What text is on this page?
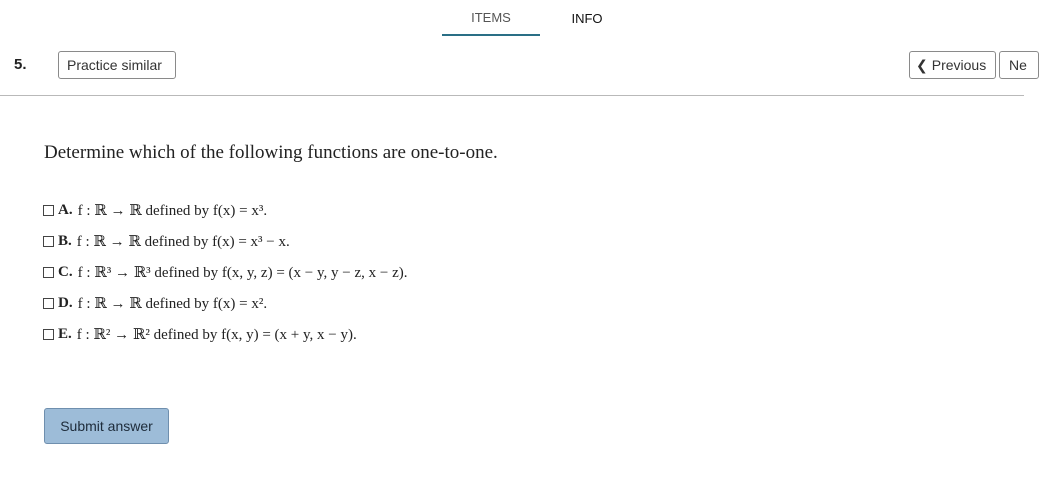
ITEMS	INFO
5.	Practice similar	❮ Previous Ne
Determine which of the following functions are one-to-one.
A. f : ℝ → ℝ defined by f(x) = x³.
B. f : ℝ → ℝ defined by f(x) = x³ − x.
C. f : ℝ³ → ℝ³ defined by f(x, y, z) = (x − y, y − z, x − z).
D. f : ℝ → ℝ defined by f(x) = x².
E. f : ℝ² → ℝ² defined by f(x, y) = (x + y, x − y).
Submit answer
